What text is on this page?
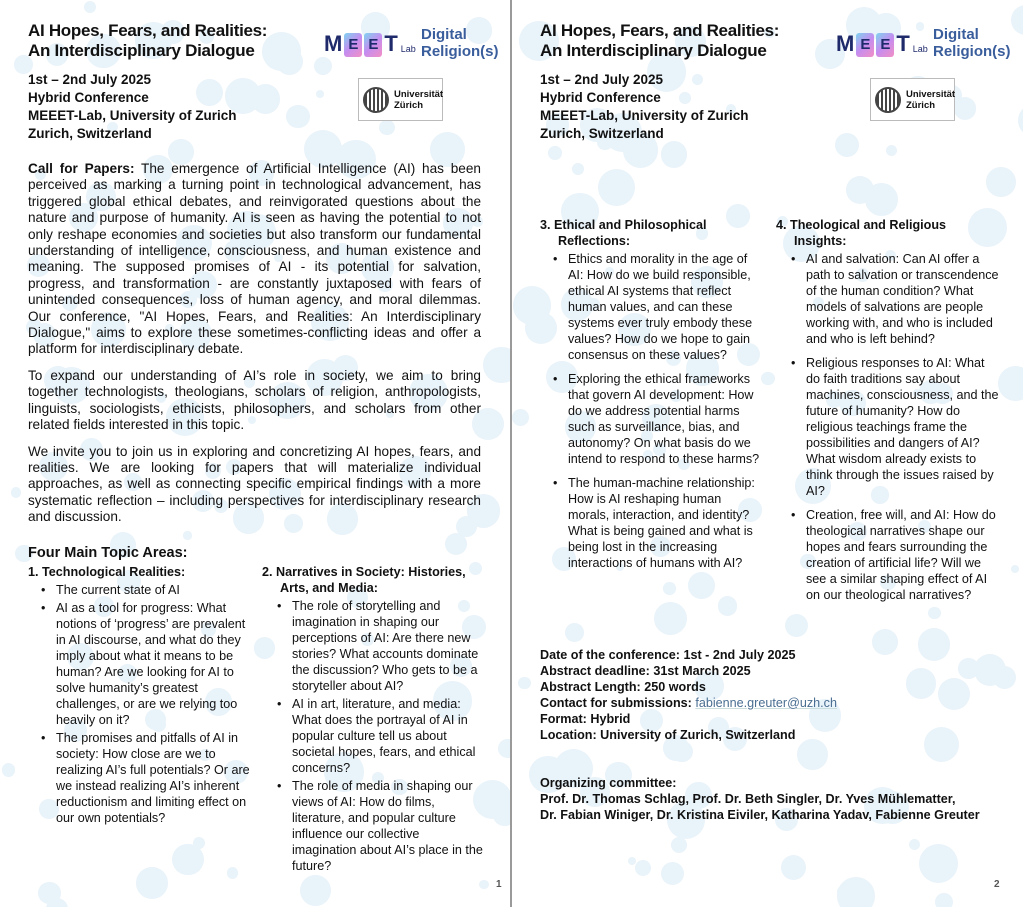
M E E T Lab
Digital
Religion(s)
Universität
Zürich
AI Hopes, Fears, and Realities:
An Interdisciplinary Dialogue
1st – 2nd July 2025
Hybrid Conference
MEEET-Lab, University of Zurich
Zurich, Switzerland
Call for Papers: The emergence of Artificial Intelligence (AI) has been perceived as marking a turning point in technological advancement, has triggered global ethical debates, and reinvigorated questions about the nature and purpose of humanity. AI is seen as having the potential to not only reshape economies and societies but also transform our fundamental understanding of intelligence, consciousness, and human existence and meaning. The supposed promises of AI - its potential for salvation, progress, and transformation - are constantly juxtaposed with fears of unintended consequences, loss of human agency, and moral dilemmas. Our conference, "AI Hopes, Fears, and Realities: An Interdisciplinary Dialogue," aims to explore these sometimes-conflicting ideas and offer a platform for interdisciplinary debate.
To expand our understanding of AI’s role in society, we aim to bring together technologists, theologians, scholars of religion, anthropologists, linguists, sociologists, ethicists, philosophers, and scholars from other related fields interested in this topic.
We invite you to join us in exploring and concretizing AI hopes, fears, and realities. We are looking for papers that will materialize individual approaches, as well as connecting specific empirical findings with a more systematic reflection – including perspectives for interdisciplinary research and discussion.
Four Main Topic Areas:
1. Technological Realities:
• The current state of AI
• AI as a tool for progress: What notions of ‘progress’ are prevalent in AI discourse, and what do they imply about what it means to be human? Are we looking for AI to solve humanity’s greatest challenges, or are we relying too heavily on it?
• The promises and pitfalls of AI in society: How close are we to realizing AI’s full potentials? Or are we instead realizing AI’s inherent reductionism and limiting effect on our own potentials?
2. Narratives in Society: Histories, Arts, and Media:
• The role of storytelling and imagination in shaping our perceptions of AI: Are there new stories? What accounts dominate the discussion? Who gets to be a storyteller about AI?
• AI in art, literature, and media: What does the portrayal of AI in popular culture tell us about societal hopes, fears, and ethical concerns?
• The role of media in shaping our views of AI: How do films, literature, and popular culture influence our collective imagination about AI’s place in the future?
1
M E E T Lab
Digital
Religion(s)
Universität
Zürich
AI Hopes, Fears, and Realities:
An Interdisciplinary Dialogue
1st – 2nd July 2025
Hybrid Conference
MEEET-Lab, University of Zurich
Zurich, Switzerland
3. Ethical and Philosophical Reflections:
• Ethics and morality in the age of AI: How do we build responsible, ethical AI systems that reflect human values, and can these systems ever truly embody these values? How do we hope to gain consensus on these values?
• Exploring the ethical frameworks that govern AI development: How do we address potential harms such as surveillance, bias, and autonomy? On what basis do we intend to respond to these harms?
• The human-machine relationship: How is AI reshaping human morals, interaction, and identity? What is being gained and what is being lost in the increasing interactions of humans with AI?
4. Theological and Religious Insights:
• AI and salvation: Can AI offer a path to salvation or transcendence of the human condition? What models of salvations are people working with, and who is included and who is left behind?
• Religious responses to AI: What do faith traditions say about machines, consciousness, and the future of humanity? How do religious teachings frame the possibilities and dangers of AI? What wisdom already exists to think through the issues raised by AI?
• Creation, free will, and AI: How do theological narratives shape our hopes and fears surrounding the creation of artificial life? Will we see a similar shaping effect of AI on our theological narratives?
Date of the conference: 1st - 2nd July 2025
Abstract deadline: 31st March 2025
Abstract Length: 250 words
Contact for submissions: fabienne.greuter@uzh.ch
Format: Hybrid
Location: University of Zurich, Switzerland
Organizing committee:
Prof. Dr. Thomas Schlag, Prof. Dr. Beth Singler, Dr. Yves Mühlematter,
Dr. Fabian Winiger, Dr. Kristina Eiviler, Katharina Yadav, Fabienne Greuter
2
